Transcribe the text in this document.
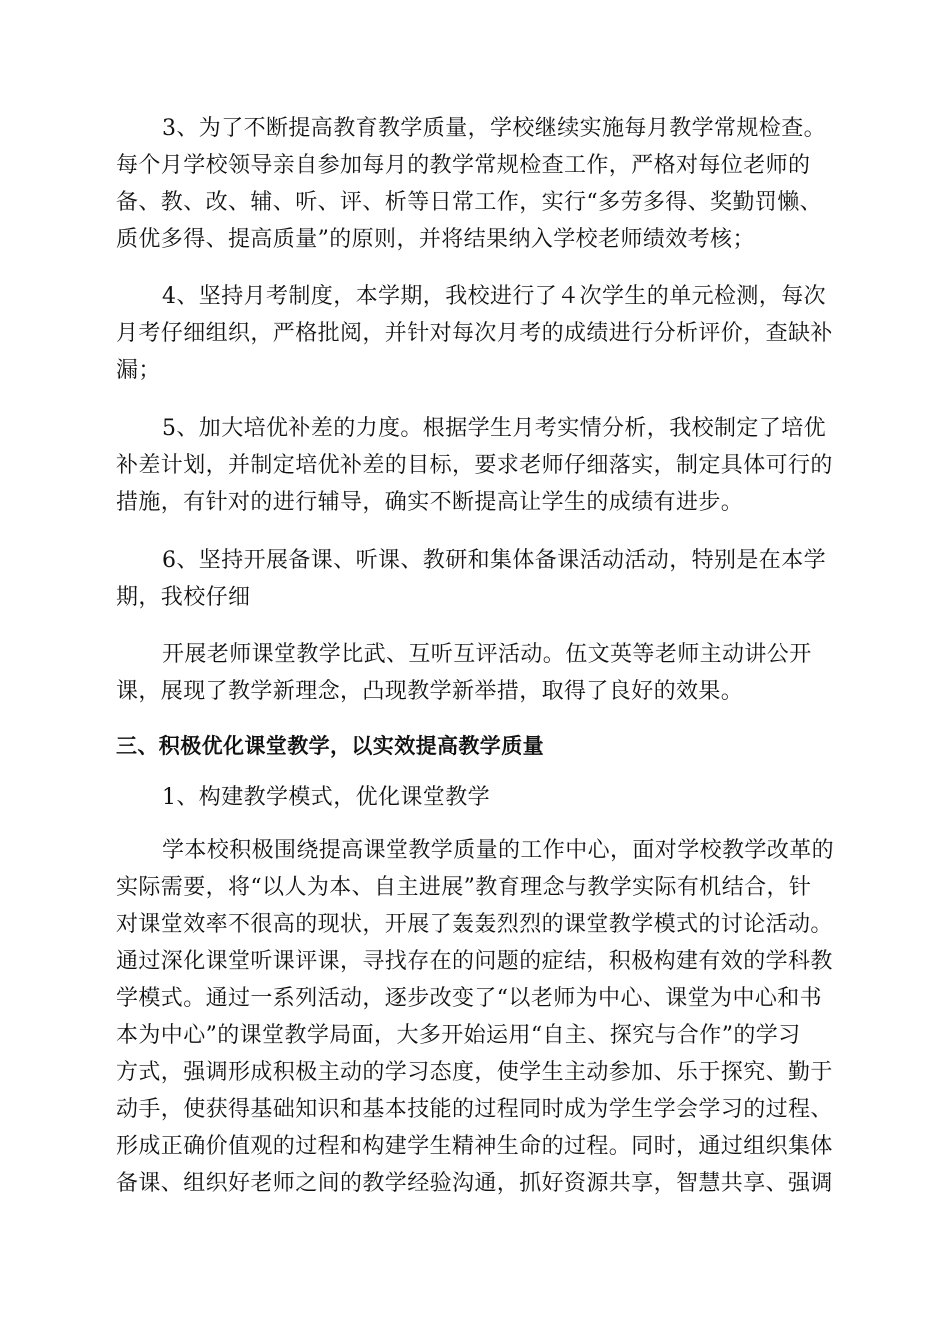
3、为了不断提高教育教学质量，学校继续实施每月教学常规检查。
每个月学校领导亲自参加每月的教学常规检查工作，严格对每位老师的
备、教、改、辅、听、评、析等日常工作，实行“多劳多得、奖勤罚懒、
质优多得、提高质量”的原则，并将结果纳入学校老师绩效考核；
4、坚持月考制度，本学期，我校进行了４次学生的单元检测，每次
月考仔细组织，严格批阅，并针对每次月考的成绩进行分析评价，查缺补
漏；
5、加大培优补差的力度。根据学生月考实情分析，我校制定了培优
补差计划，并制定培优补差的目标，要求老师仔细落实，制定具体可行的
措施，有针对的进行辅导，确实不断提高让学生的成绩有进步。
6、坚持开展备课、听课、教研和集体备课活动活动，特别是在本学
期，我校仔细
开展老师课堂教学比武、互听互评活动。伍文英等老师主动讲公开
课，展现了教学新理念，凸现教学新举措，取得了良好的效果。
三、积极优化课堂教学，以实效提高教学质量
1、构建教学模式，优化课堂教学
学本校积极围绕提高课堂教学质量的工作中心，面对学校教学改革的
实际需要，将“以人为本、自主进展”教育理念与教学实际有机结合，针
对课堂效率不很高的现状，开展了轰轰烈烈的课堂教学模式的讨论活动。
通过深化课堂听课评课，寻找存在的问题的症结，积极构建有效的学科教
学模式。通过一系列活动，逐步改变了“以老师为中心、课堂为中心和书
本为中心”的课堂教学局面，大多开始运用“自主、探究与合作”的学习
方式，强调形成积极主动的学习态度，使学生主动参加、乐于探究、勤于
动手，使获得基础知识和基本技能的过程同时成为学生学会学习的过程、
形成正确价值观的过程和构建学生精神生命的过程。同时，通过组织集体
备课、组织好老师之间的教学经验沟通，抓好资源共享，智慧共享、强调
